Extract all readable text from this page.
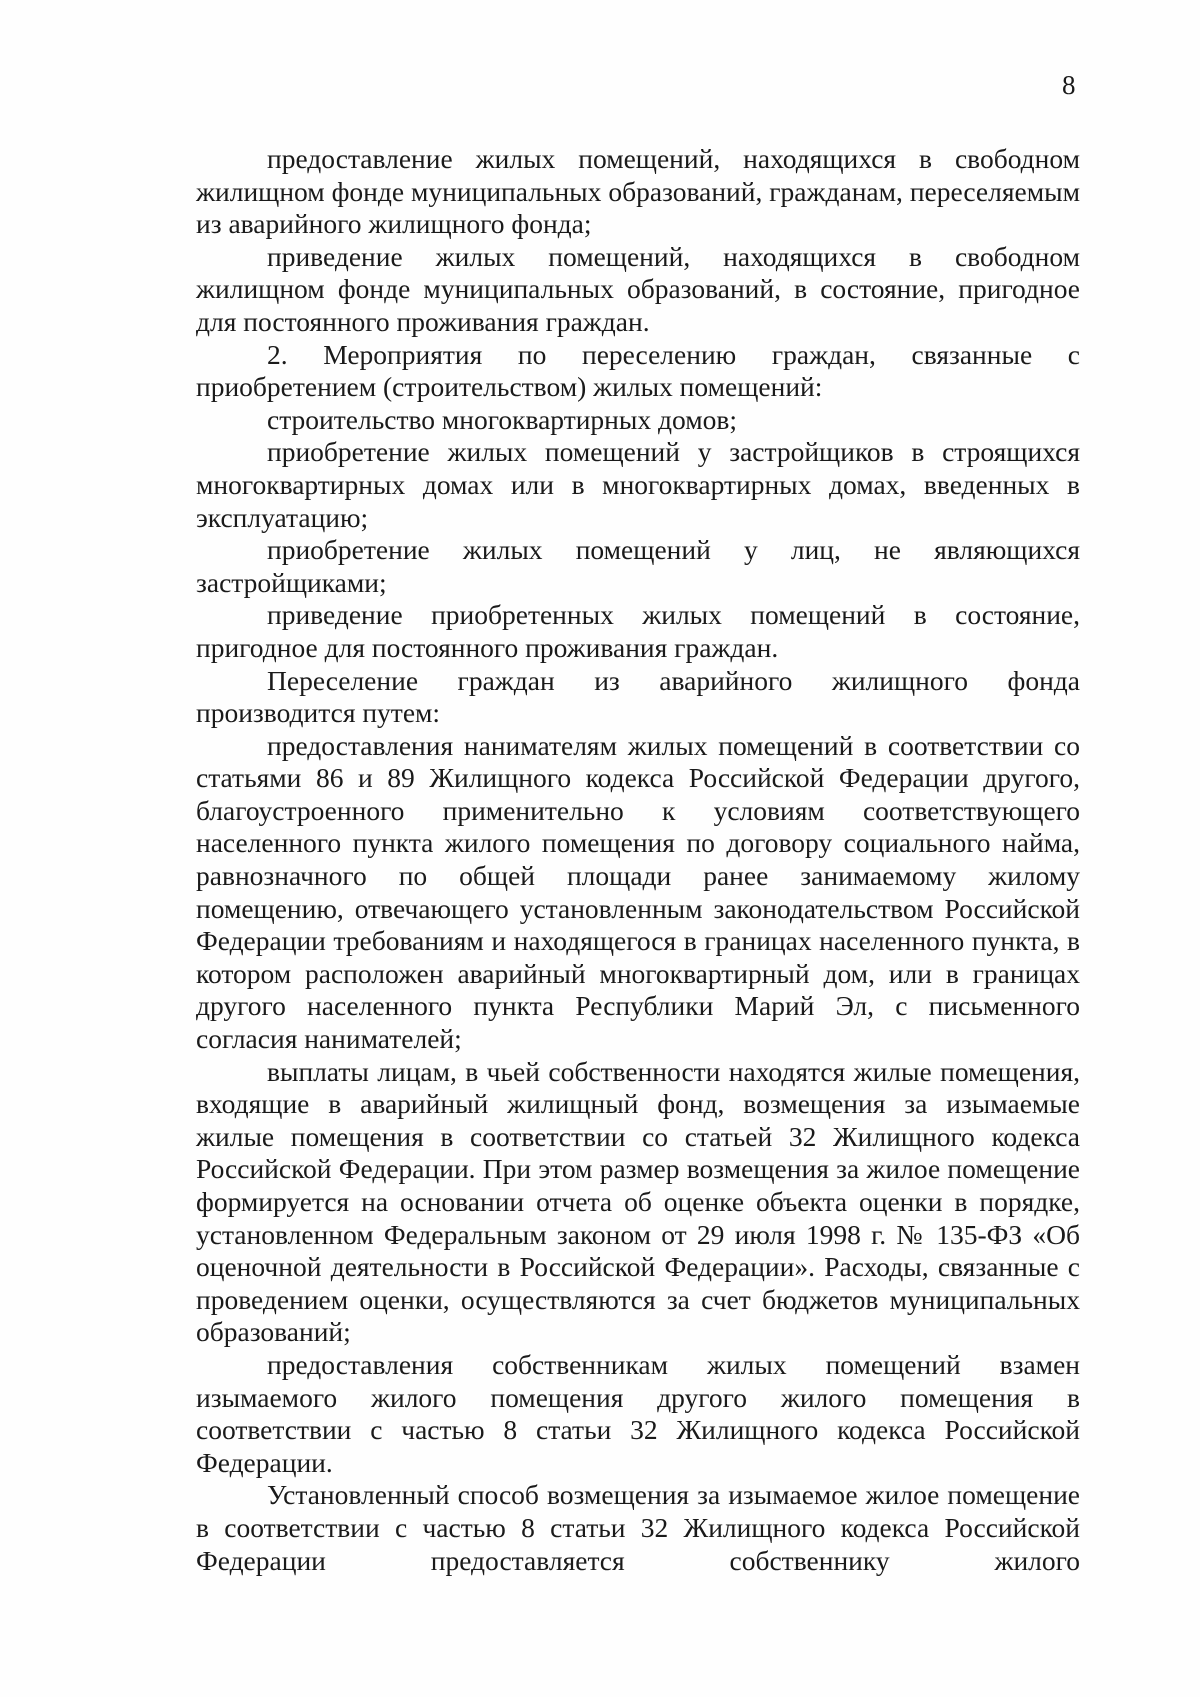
8

предоставление жилых помещений, находящихся в свободном жилищном фонде муниципальных образований, гражданам, переселяемым из аварийного жилищного фонда;

приведение жилых помещений, находящихся в свободном жилищном фонде муниципальных образований, в состояние, пригодное для постоянного проживания граждан.

2. Мероприятия по переселению граждан, связанные с приобретением (строительством) жилых помещений:

строительство многоквартирных домов;

приобретение жилых помещений у застройщиков в строящихся многоквартирных домах или в многоквартирных домах, введенных в эксплуатацию;

приобретение жилых помещений у лиц, не являющихся застройщиками;

приведение приобретенных жилых помещений в состояние, пригодное для постоянного проживания граждан.

Переселение граждан из аварийного жилищного фонда производится путем:

предоставления нанимателям жилых помещений в соответствии со статьями 86 и 89 Жилищного кодекса Российской Федерации другого, благоустроенного применительно к условиям соответствующего населенного пункта жилого помещения по договору социального найма, равнозначного по общей площади ранее занимаемому жилому помещению, отвечающего установленным законодательством Российской Федерации требованиям и находящегося в границах населенного пункта, в котором расположен аварийный многоквартирный дом, или в границах другого населенного пункта Республики Марий Эл, с письменного согласия нанимателей;

выплаты лицам, в чьей собственности находятся жилые помещения, входящие в аварийный жилищный фонд, возмещения за изымаемые жилые помещения в соответствии со статьей 32 Жилищного кодекса Российской Федерации. При этом размер возмещения за жилое помещение формируется на основании отчета об оценке объекта оценки в порядке, установленном Федеральным законом от 29 июля 1998 г. № 135-ФЗ «Об оценочной деятельности в Российской Федерации». Расходы, связанные с проведением оценки, осуществляются за счет бюджетов муниципальных образований;

предоставления собственникам жилых помещений взамен изымаемого жилого помещения другого жилого помещения в соответствии с частью 8 статьи 32 Жилищного кодекса Российской Федерации.

Установленный способ возмещения за изымаемое жилое помещение в соответствии с частью 8 статьи 32 Жилищного кодекса Российской Федерации предоставляется собственнику жилого
